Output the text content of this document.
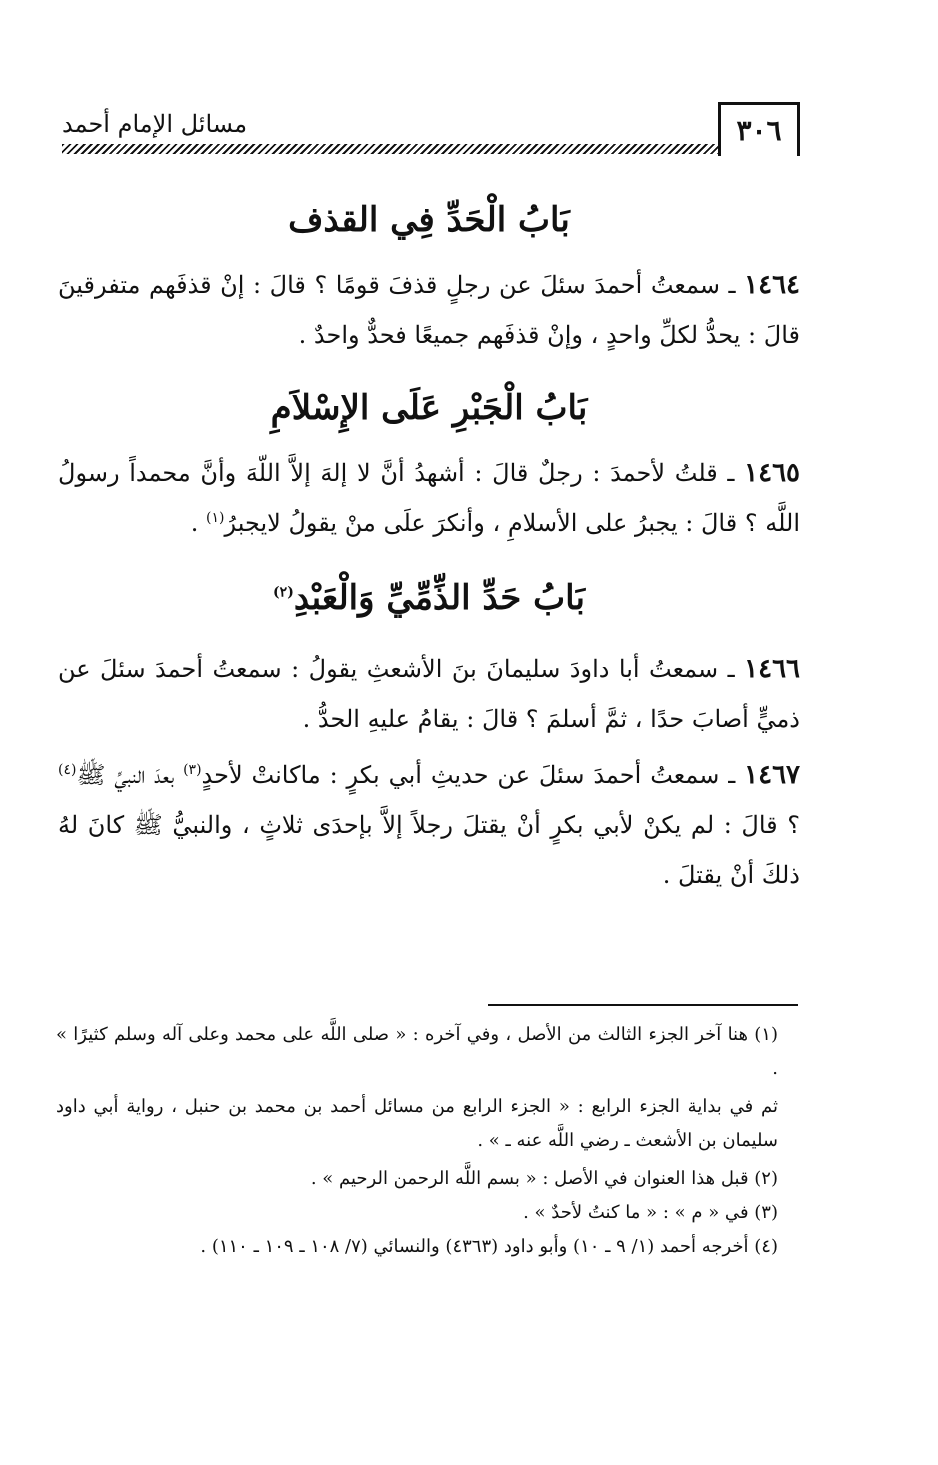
٣٠٦
مسائل الإمام أحمد
بَابُ الْحَدِّ فِي القذف

١٤٦٤ ـ سمعتُ أحمدَ سئلَ عن رجلٍ قذفَ قومًا ؟ قالَ : إنْ قذفَهم متفرقينَ قالَ : يحدُّ لكلِّ واحدٍ ، وإنْ قذفَهم جميعًا فحدٌّ واحدٌ .

بَابُ الْجَبْرِ عَلَى الإِسْلاَمِ

١٤٦٥ ـ قلتُ لأحمدَ : رجلٌ قالَ : أشهدُ أنَّ لا إلهَ إلاَّ اللّهَ وأنَّ محمداً رسولُ اللَّه ؟ قالَ : يجبرُ على الأسلامِ ، وأنكرَ علَى منْ يقولُ لايجبرُ$^{(١)}$ .

بَابُ حَدِّ الذِّمِّيِّ وَالْعَبْدِ$^{(٢)}$

١٤٦٦ ـ سمعتُ أبا داودَ سليمانَ بنَ الأشعثِ يقولُ : سمعتُ أحمدَ سئلَ عن ذميٍّ أصابَ حدًا ، ثمَّ أسلمَ ؟ قالَ : يقامُ عليهِ الحدُّ .

١٤٦٧ ـ سمعتُ أحمدَ سئلَ عن حديثِ أبي بكرٍ : ماكانتْ لأحدٍ$^{(٣)}$ بعدَ النبيِّ ﷺ$^{(٤)}$ ؟ قالَ : لم يكنْ لأبي بكرٍ أنْ يقتلَ رجلاً إلاَّ بإحدَى ثلاثٍ ، والنبيُّ ﷺ كانَ لهُ ذلكَ أنْ يقتلَ .

(١) هنا آخر الجزء الثالث من الأصل ، وفي آخره : « صلى اللَّه على محمد وعلى آله وسلم كثيرًا » .

ثم في بداية الجزء الرابع : « الجزء الرابع من مسائل أحمد بن محمد بن حنبل ، رواية أبي داود سليمان بن الأشعث ـ رضي اللَّه عنه ـ » .

(٢) قبل هذا العنوان في الأصل : « بسم اللَّه الرحمن الرحيم » .

(٣) في « م » : « ما كنتُ لأحدٌ » .

(٤) أخرجه أحمد (١/ ٩ ـ ١٠) وأبو داود (٤٣٦٣) والنسائي (٧/ ١٠٨ ـ ١٠٩ ـ ١١٠) .
